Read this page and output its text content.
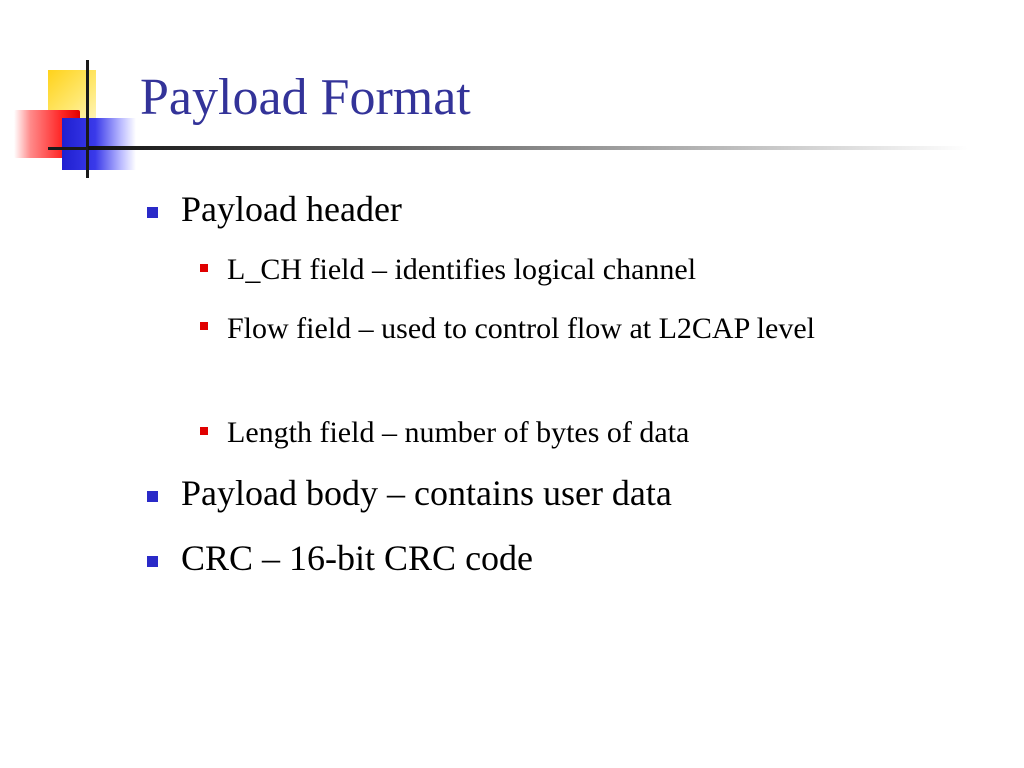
Payload Format
Payload header
L_CH field – identifies logical channel
Flow field – used to control flow at L2CAP level
Length field – number of bytes of data
Payload body – contains user data
CRC – 16-bit CRC code
